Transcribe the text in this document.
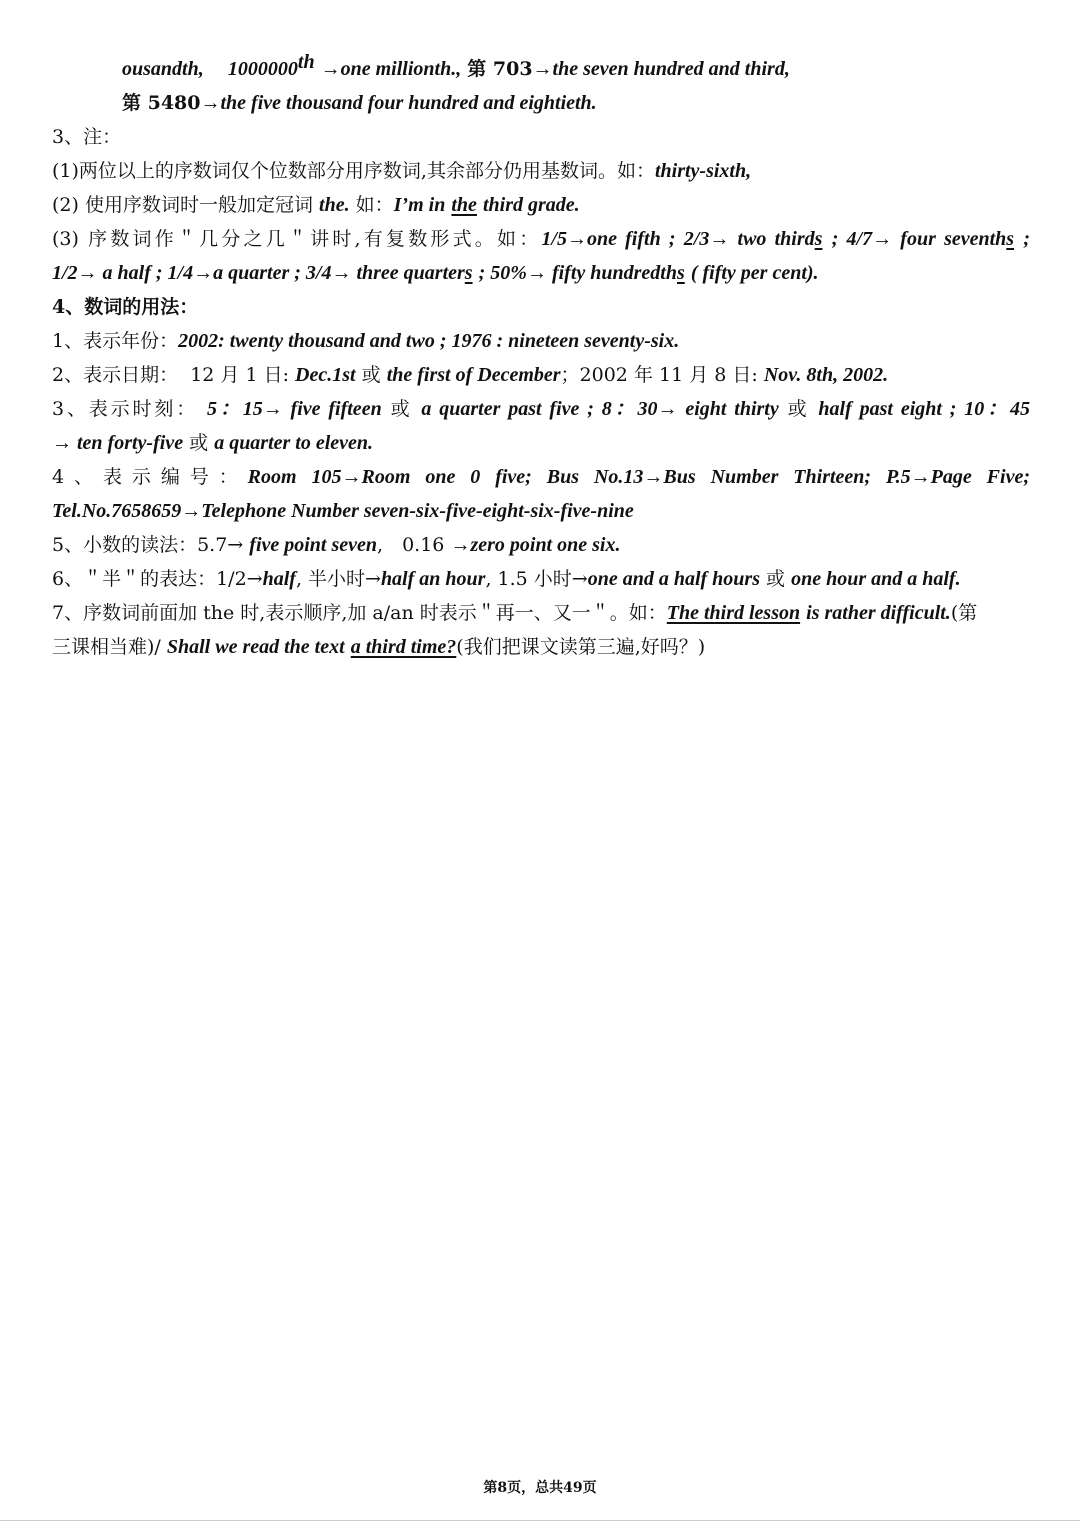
ousandth, 1000000th →one millionth., 第 703→the seven hundred and third,
第 5480→the five thousand four hundred and eightieth.
3、注：
(1)两位以上的序数词仅个位数部分用序数词,其余部分仍用基数词。如：thirty-sixth,
(2) 使用序数词时一般加定冠词 the. 如：I’m in the third grade.
(3) 序数词作＂几分之几＂讲时,有复数形式。如：1/5→one fifth ; 2/3→ two thirds ; 4/7→ four sevenths ;
1/2→ a half ; 1/4→a quarter ; 3/4→ three quarters ; 50%→ fifty hundredths ( fifty per cent).
4、数词的用法：
1、表示年份：2002: twenty thousand and two ; 1976 : nineteen seventy-six.
2、表示日期： 12 月 1 日: Dec.1st 或 the first of December；2002 年 11 月 8 日: Nov. 8th, 2002.
3、表示时刻： 5：15→ five fifteen 或 a quarter past five ; 8：30→ eight thirty 或 half past eight ; 10：45
→ ten forty-five 或 a quarter to eleven.
4、表示编号：Room 105→Room one 0 five; Bus No.13→Bus Number Thirteen; P.5→Page Five;
Tel.No.7658659→Telephone Number seven-six-five-eight-six-five-nine
5、小数的读法：5.7→ five point seven,　0.16 →zero point one six.
6、＂半＂的表达：1/2→half, 半小时→half an hour, 1.5 小时→one and a half hours 或 one hour and a half.
7、序数词前面加 the 时,表示顺序,加 a/an 时表示＂再一、又一＂。如：The third lesson is rather difficult.(第
三课相当难)/ Shall we read the text a third time?(我们把课文读第三遍,好吗？)
第8页，总共49页
